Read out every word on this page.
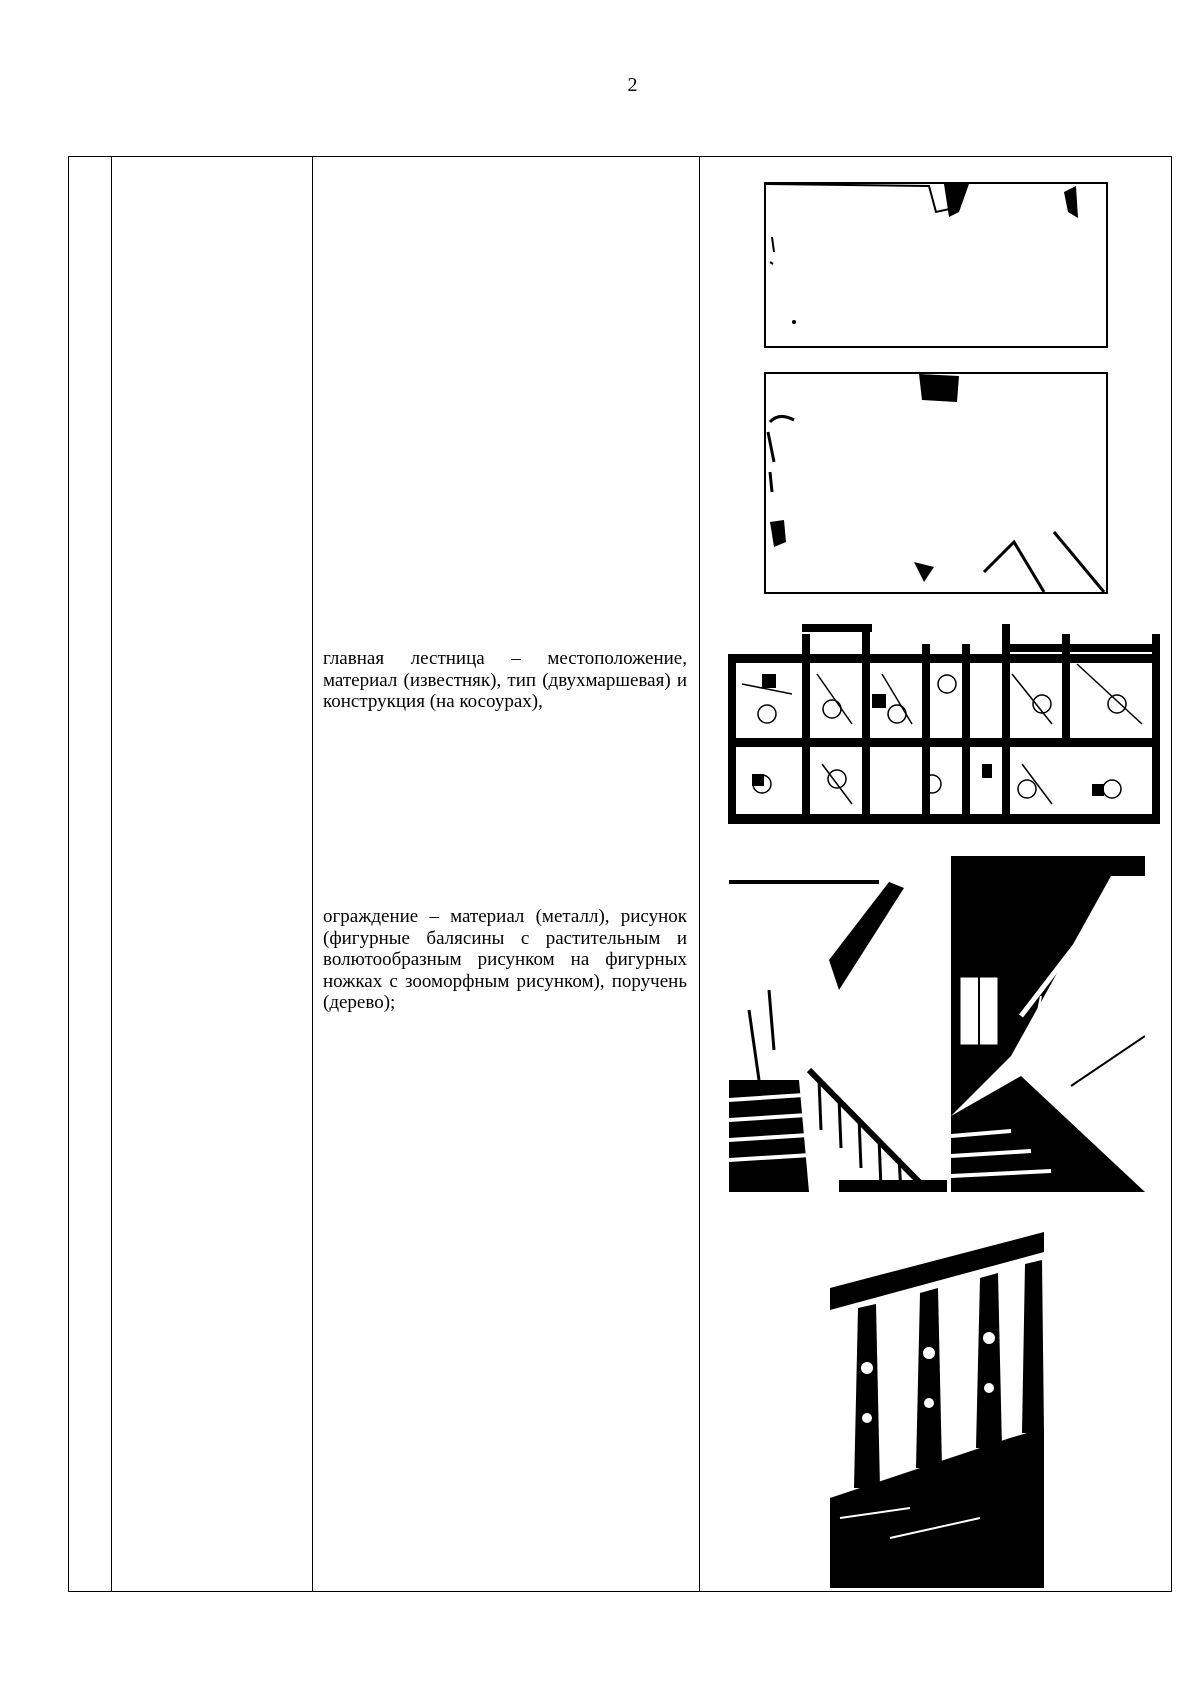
2
главная лестница – местоположение, материал (известняк), тип (двухмаршевая) и конструкция (на косоурах),
ограждение – материал (металл), рисунок (фигурные балясины с растительным и волютообразным рисунком на фигурных ножках с зооморфным рисунком), поручень (дерево);
